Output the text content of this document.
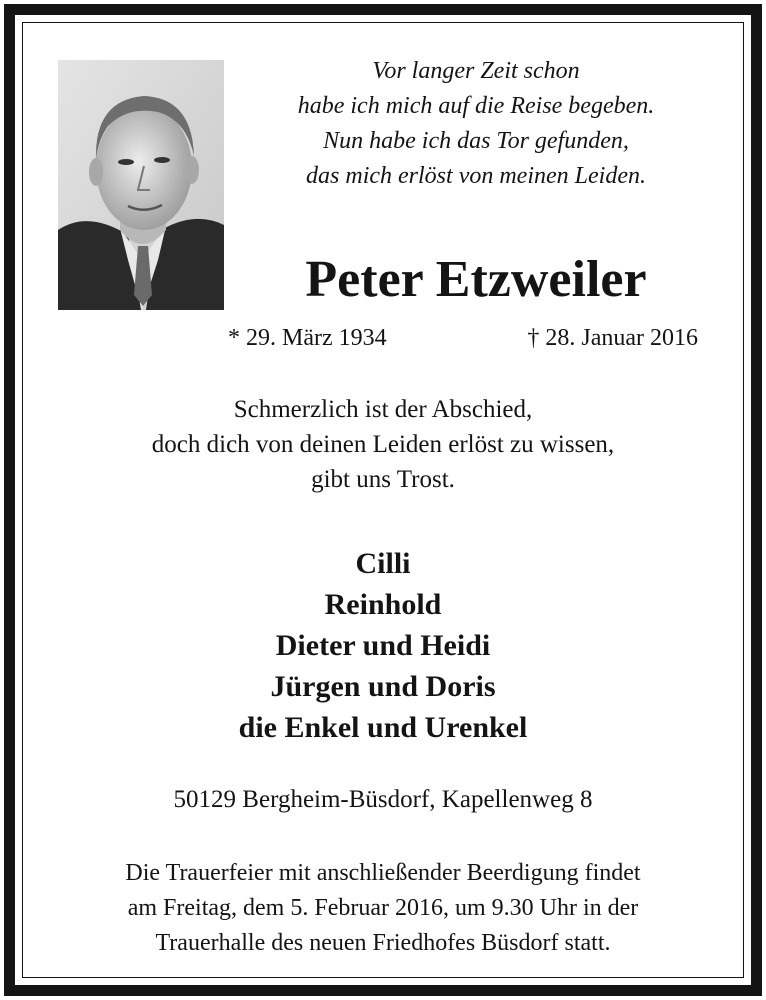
Vor langer Zeit schon
habe ich mich auf die Reise begeben.
Nun habe ich das Tor gefunden,
das mich erlöst von meinen Leiden.
Peter Etzweiler
* 29. März 1934	† 28. Januar 2016
Schmerzlich ist der Abschied,
doch dich von deinen Leiden erlöst zu wissen,
gibt uns Trost.
Cilli
Reinhold
Dieter und Heidi
Jürgen und Doris
die Enkel und Urenkel
50129 Bergheim-Büsdorf, Kapellenweg 8
Die Trauerfeier mit anschließender Beerdigung findet
am Freitag, dem 5. Februar 2016, um 9.30 Uhr in der
Trauerhalle des neuen Friedhofes Büsdorf statt.
